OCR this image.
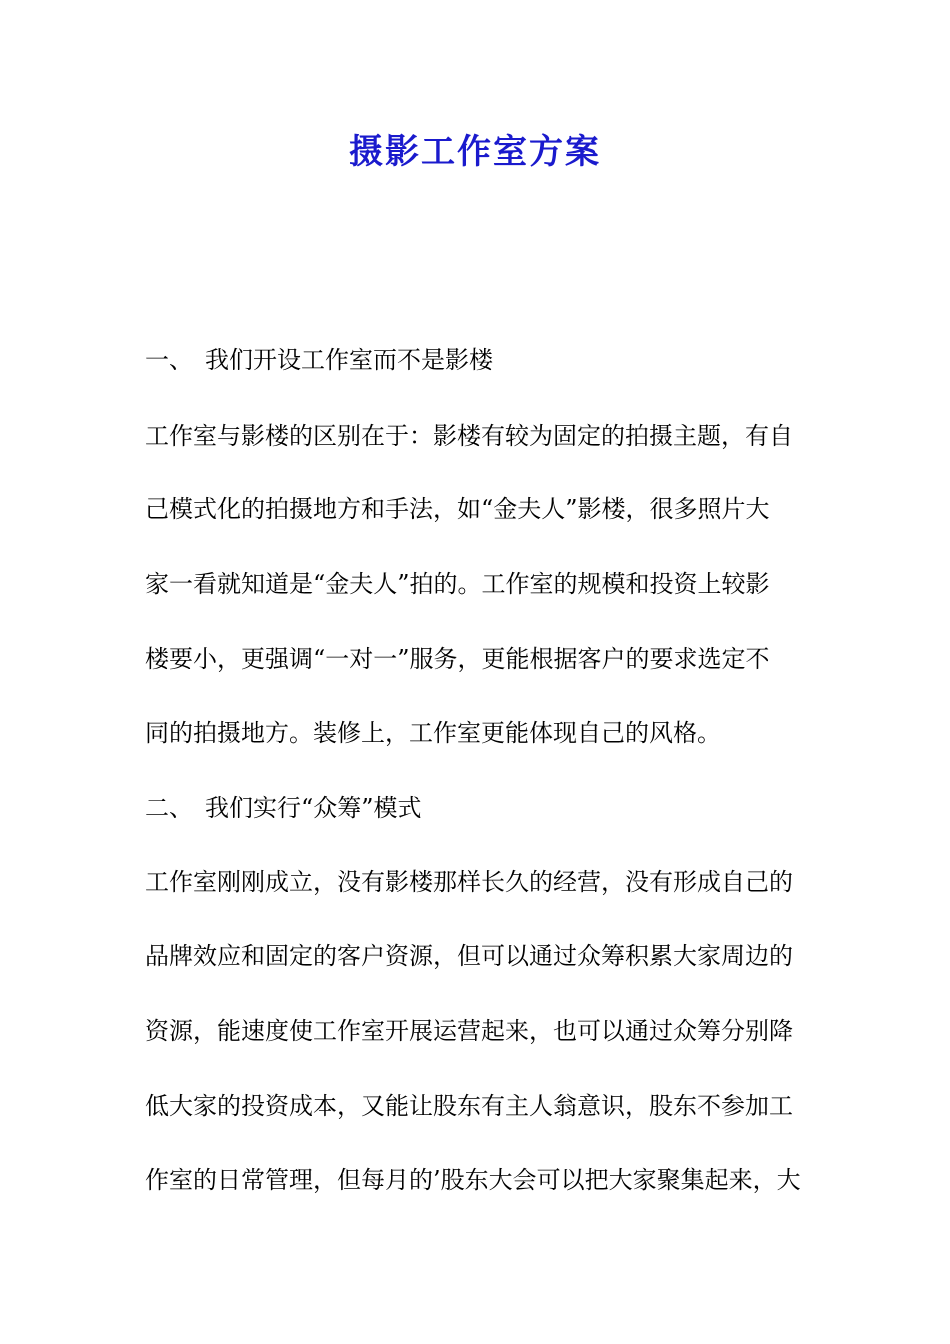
摄影工作室方案
一、 我们开设工作室而不是影楼

工作室与影楼的区别在于：影楼有较为固定的拍摄主题，有自

己模式化的拍摄地方和手法，如“金夫人”影楼，很多照片大

家一看就知道是“金夫人”拍的。工作室的规模和投资上较影

楼要小，更强调“一对一”服务，更能根据客户的要求选定不

同的拍摄地方。装修上，工作室更能体现自己的风格。

二、 我们实行“众筹”模式

工作室刚刚成立，没有影楼那样长久的经营，没有形成自己的

品牌效应和固定的客户资源，但可以通过众筹积累大家周边的

资源，能速度使工作室开展运营起来，也可以通过众筹分别降

低大家的投资成本，又能让股东有主人翁意识，股东不参加工

作室的日常管理，但每月的’股东大会可以把大家聚集起来，大
